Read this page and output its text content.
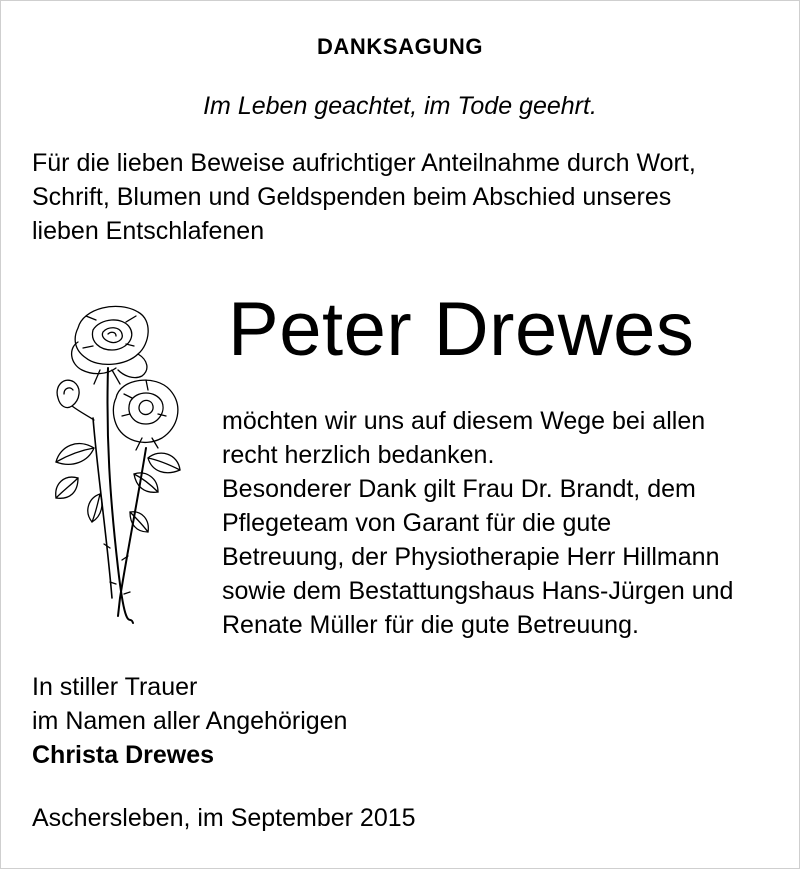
DANKSAGUNG
Im Leben geachtet, im Tode geehrt.
Für die lieben Beweise aufrichtiger Anteilnahme durch Wort,
Schrift, Blumen und Geldspenden beim Abschied unseres
lieben Entschlafenen
Peter Drewes
möchten wir uns auf diesem Wege bei allen
recht herzlich bedanken.
Besonderer Dank gilt Frau Dr. Brandt, dem
Pflegeteam von Garant für die gute
Betreuung, der Physiotherapie Herr Hillmann
sowie dem Bestattungshaus Hans-Jürgen und
Renate Müller für die gute Betreuung.
In stiller Trauer
im Namen aller Angehörigen
Christa Drewes
Aschersleben, im September 2015
